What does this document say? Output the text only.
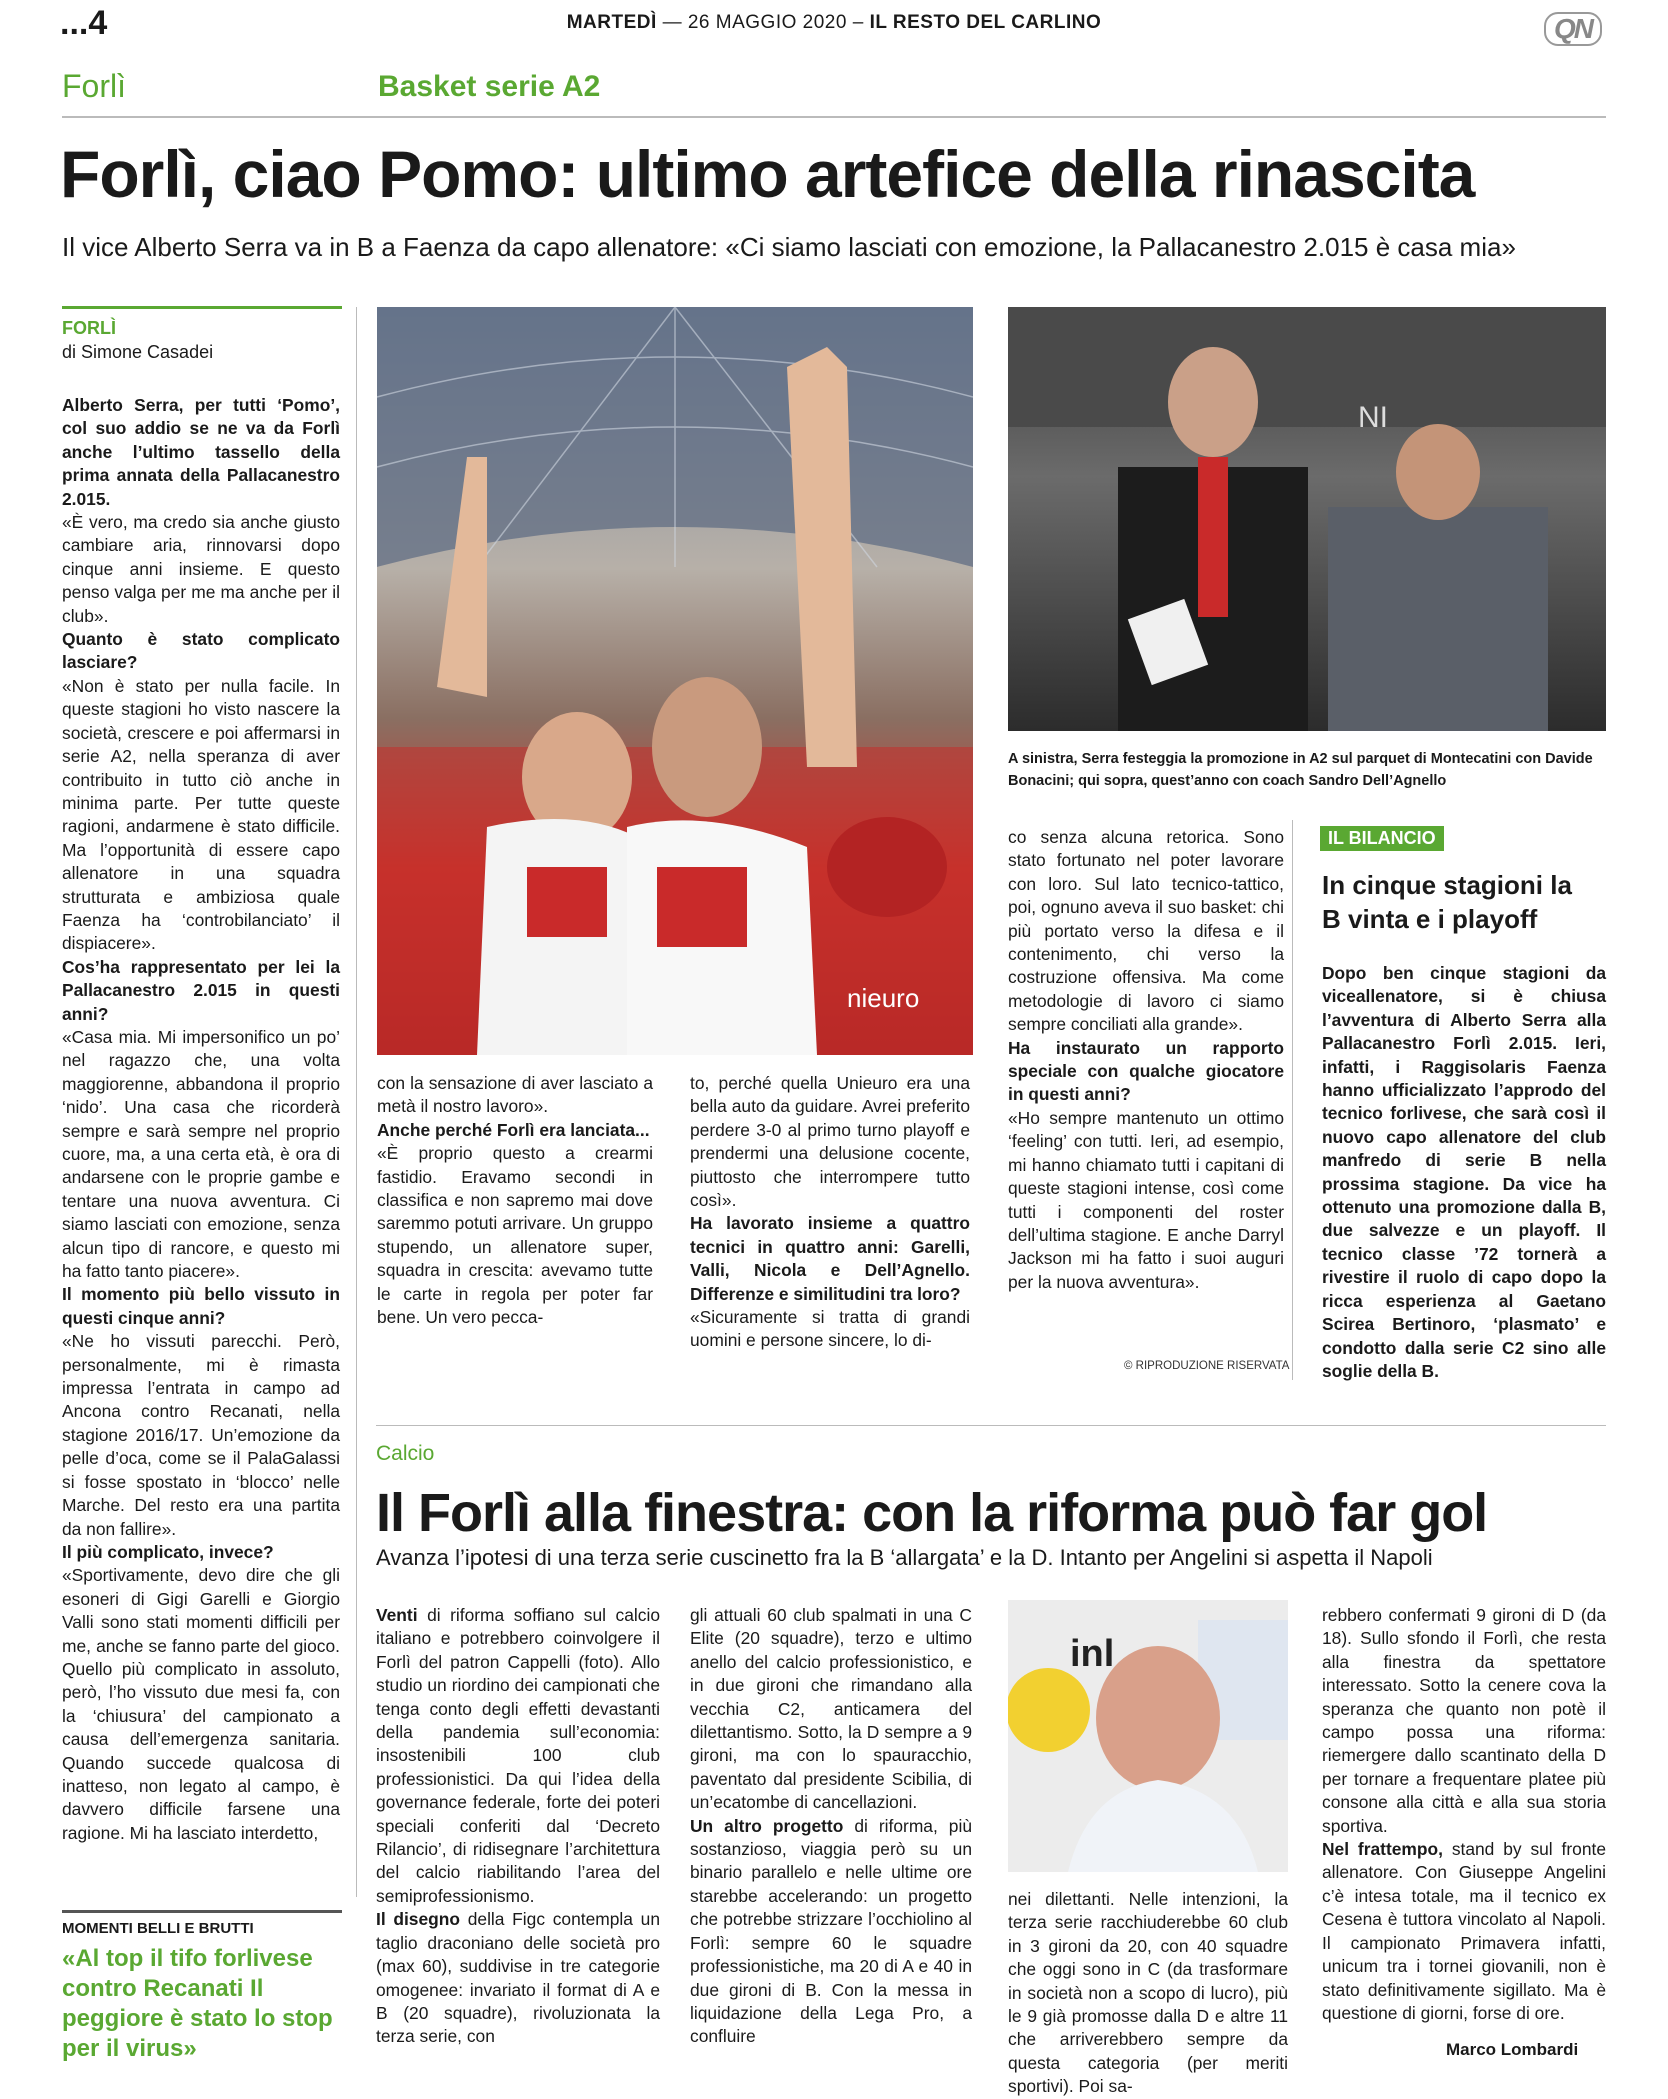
...4	MARTEDÌ — 26 MAGGIO 2020 – IL RESTO DEL CARLINO	QN
Forlì	Basket serie A2
Forlì, ciao Pomo: ultimo artefice della rinascita
Il vice Alberto Serra va in B a Faenza da capo allenatore: «Ci siamo lasciati con emozione, la Pallacanestro 2.015 è casa mia»
FORLÌ
di Simone Casadei

Alberto Serra, per tutti ‘Pomo’, col suo addio se ne va da Forlì anche l’ultimo tassello della prima annata della Pallacanestro 2.015.

«È vero, ma credo sia anche giusto cambiare aria, rinnovarsi dopo cinque anni insieme. E questo penso valga per me ma anche per il club».

Quanto è stato complicato lasciare?

«Non è stato per nulla facile. In queste stagioni ho visto nascere la società, crescere e poi affermarsi in serie A2, nella speranza di aver contribuito in tutto ciò anche in minima parte. Per tutte queste ragioni, andarmene è stato difficile. Ma l’opportunità di essere capo allenatore in una squadra strutturata e ambiziosa quale Faenza ha ‘controbilanciato’ il dispiacere».

Cos’ha rappresentato per lei la Pallacanestro 2.015 in questi anni?

«Casa mia. Mi impersonifico un po’ nel ragazzo che, una volta maggiorenne, abbandona il proprio ‘nido’. Una casa che ricorderà sempre e sarà sempre nel proprio cuore, ma, a una certa età, è ora di andarsene con le proprie gambe e tentare una nuova avventura. Ci siamo lasciati con emozione, senza alcun tipo di rancore, e questo mi ha fatto tanto piacere».

Il momento più bello vissuto in questi cinque anni?

«Ne ho vissuti parecchi. Però, personalmente, mi è rimasta impressa l’entrata in campo ad Ancona contro Recanati, nella stagione 2016/17. Un’emozione da pelle d’oca, come se il PalaGalassi si fosse spostato in ‘blocco’ nelle Marche. Del resto era una partita da non fallire».

Il più complicato, invece?

«Sportivamente, devo dire che gli esoneri di Gigi Garelli e Giorgio Valli sono stati momenti difficili per me, anche se fanno parte del gioco. Quello più complicato in assoluto, però, l’ho vissuto due mesi fa, con la ‘chiusura’ del campionato a causa dell’emergenza sanitaria. Quando succede qualcosa di inatteso, non legato al campo, è davvero difficile farsene una ragione. Mi ha lasciato interdetto,

nieuro
NI
A sinistra, Serra festeggia la promozione in A2 sul parquet di Montecatini con Davide Bonacini; qui sopra, quest’anno con coach Sandro Dell’Agnello

con la sensazione di aver lasciato a metà il nostro lavoro».

Anche perché Forlì era lanciata...

«È proprio questo a crearmi fastidio. Eravamo secondi in classifica e non sapremo mai dove saremmo potuti arrivare. Un gruppo stupendo, un allenatore super, squadra in crescita: avevamo tutte le carte in regola per poter far bene. Un vero pecca-

to, perché quella Unieuro era una bella auto da guidare. Avrei preferito perdere 3-0 al primo turno playoff e prendermi una delusione cocente, piuttosto che interrompere tutto così».

Ha lavorato insieme a quattro tecnici in quattro anni: Garelli, Valli, Nicola e Dell’Agnello. Differenze e similitudini tra loro?

«Sicuramente si tratta di grandi uomini e persone sincere, lo di-

co senza alcuna retorica. Sono stato fortunato nel poter lavorare con loro. Sul lato tecnico-tattico, poi, ognuno aveva il suo basket: chi più portato verso la difesa e il contenimento, chi verso la costruzione offensiva. Ma come metodologie di lavoro ci siamo sempre conciliati alla grande».

Ha instaurato un rapporto speciale con qualche giocatore in questi anni?

«Ho sempre mantenuto un ottimo ‘feeling’ con tutti. Ieri, ad esempio, mi hanno chiamato tutti i capitani di queste stagioni intense, così come tutti i componenti del roster dell’ultima stagione. E anche Darryl Jackson mi ha fatto i suoi auguri per la nuova avventura».

© RIPRODUZIONE RISERVATA
IL BILANCIO
In cinque stagioni la B vinta e i playoff
Dopo ben cinque stagioni da viceallenatore, si è chiusa l’avventura di Alberto Serra alla Pallacanestro Forlì 2.015. Ieri, infatti, i Raggisolaris Faenza hanno ufficializzato l’approdo del tecnico forlivese, che sarà così il nuovo capo allenatore del club manfredo di serie B nella prossima stagione. Da vice ha ottenuto una promozione dalla B, due salvezze e un playoff. Il tecnico classe ’72 tornerà a rivestire il ruolo di capo dopo la ricca esperienza al Gaetano Scirea Bertinoro, ‘plasmato’ e condotto dalla serie C2 sino alle soglie della B.
MOMENTI BELLI E BRUTTI
«Al top il tifo forlivese contro Recanati Il peggiore è stato lo stop per il virus»
Calcio
Il Forlì alla finestra: con la riforma può far gol
Avanza l’ipotesi di una terza serie cuscinetto fra la B ‘allargata’ e la D. Intanto per Angelini si aspetta il Napoli

Venti di riforma soffiano sul calcio italiano e potrebbero coinvolgere il Forlì del patron Cappelli (foto). Allo studio un riordino dei campionati che tenga conto degli effetti devastanti della pandemia sull’economia: insostenibili 100 club professionistici. Da qui l’idea della governance federale, forte dei poteri speciali conferiti dal ‘Decreto Rilancio’, di ridisegnare l’architettura del calcio riabilitando l’area del semiprofessionismo.

Il disegno della Figc contempla un taglio draconiano delle società pro (max 60), suddivise in tre categorie omogenee: invariato il format di A e B (20 squadre), rivoluzionata la terza serie, con

gli attuali 60 club spalmati in una C Elite (20 squadre), terzo e ultimo anello del calcio professionistico, e in due gironi che rimandano alla vecchia C2, anticamera del dilettantismo. Sotto, la D sempre a 9 gironi, ma con lo spauracchio, paventato dal presidente Scibilia, di un’ecatombe di cancellazioni.

Un altro progetto di riforma, più sostanzioso, viaggia però su un binario parallelo e nelle ultime ore starebbe accelerando: un progetto che potrebbe strizzare l’occhiolino al Forlì: sempre 60 le squadre professionistiche, ma 20 di A e 40 in due gironi di B. Con la messa in liquidazione della Lega Pro, a confluire

inl

nei dilettanti. Nelle intenzioni, la terza serie racchiuderebbe 60 club in 3 gironi da 20, con 40 squadre che oggi sono in C (da trasformare in società non a scopo di lucro), più le 9 già promosse dalla D e altre 11 che arriverebbero sempre da questa categoria (per meriti sportivi). Poi sa-

rebbero confermati 9 gironi di D (da 18). Sullo sfondo il Forlì, che resta alla finestra da spettatore interessato. Sotto la cenere cova la speranza che quanto non potè il campo possa una riforma: riemergere dallo scantinato della D per tornare a frequentare platee più consone alla città e alla sua storia sportiva.

Nel frattempo, stand by sul fronte allenatore. Con Giuseppe Angelini c’è intesa totale, ma il tecnico ex Cesena è tuttora vincolato al Napoli. Il campionato Primavera infatti, unicum tra i tornei giovanili, non è stato definitivamente sigillato. Ma è questione di giorni, forse di ore.

Marco Lombardi
